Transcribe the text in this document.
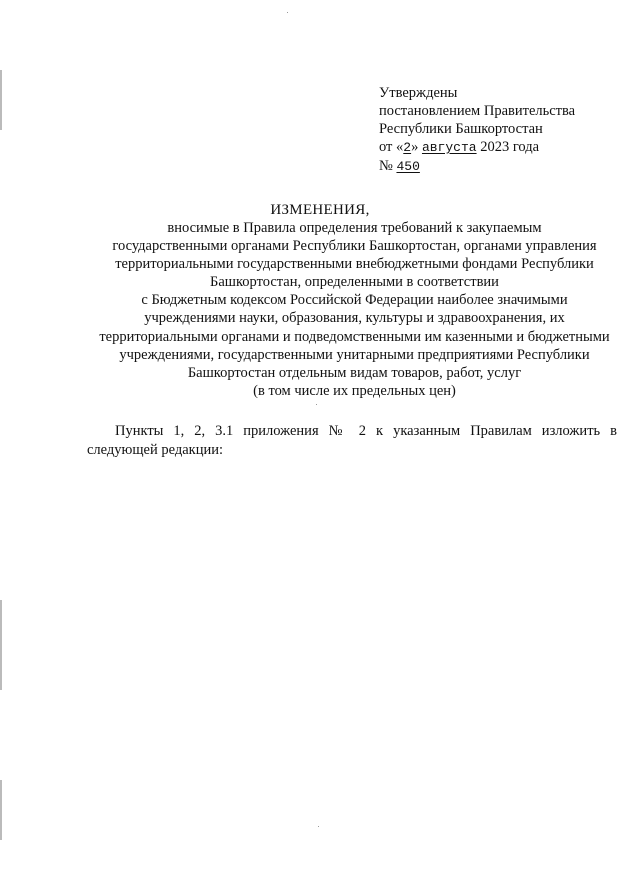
Утверждены
постановлением Правительства
Республики Башкортостан
от «2» августа 2023 года
№ 450
ИЗМЕНЕНИЯ,
вносимые в Правила определения требований к закупаемым
государственными органами Республики Башкортостан, органами управления
территориальными государственными внебюджетными фондами Республики
Башкортостан, определенными в соответствии
с Бюджетным кодексом Российской Федерации наиболее значимыми
учреждениями науки, образования, культуры и здравоохранения, их
территориальными органами и подведомственными им казенными и бюджетными
учреждениями, государственными унитарными предприятиями Республики
Башкортостан отдельным видам товаров, работ, услуг
(в том числе их предельных цен)
Пункты 1, 2, 3.1 приложения № 2 к указанным Правилам изложить в
следующей редакции:
